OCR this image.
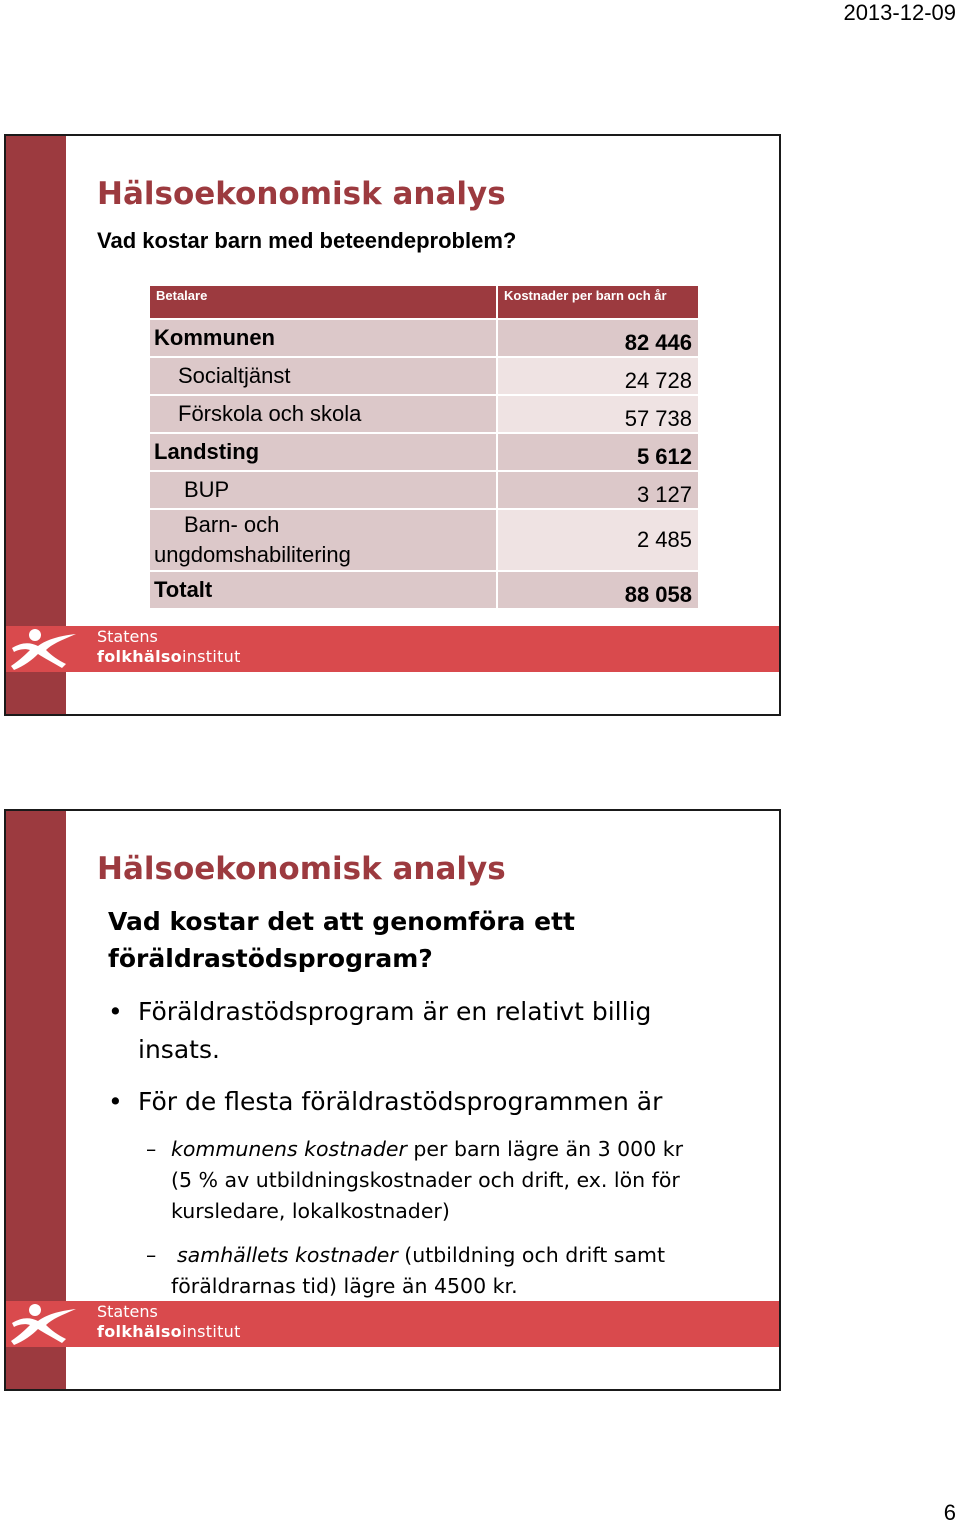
2013-12-09
Hälsoekonomisk analys
Vad kostar barn med beteendeproblem?
Betalare	Kostnader per barn och år
Kommunen	82 446
Socialtjänst	24 728
Förskola och skola	57 738
Landsting	5 612
BUP	3 127

Barn- och
ungdomshabilitering	2 485
Totalt	88 058
Statens
folkhälsoinstitut
Hälsoekonomisk analys
Vad kostar det att genomföra ett
föräldrastödsprogram?
• Föräldrastödsprogram är en relativt billig
insats.
• För de flesta föräldrastödsprogrammen är
– kommunens kostnader per barn lägre än 3 000 kr
(5 % av utbildningskostnader och drift, ex. lön för
kursledare, lokalkostnader)
– samhällets kostnader (utbildning och drift samt
föräldrarnas tid) lägre än 4500 kr.
Statens
folkhälsoinstitut
6
